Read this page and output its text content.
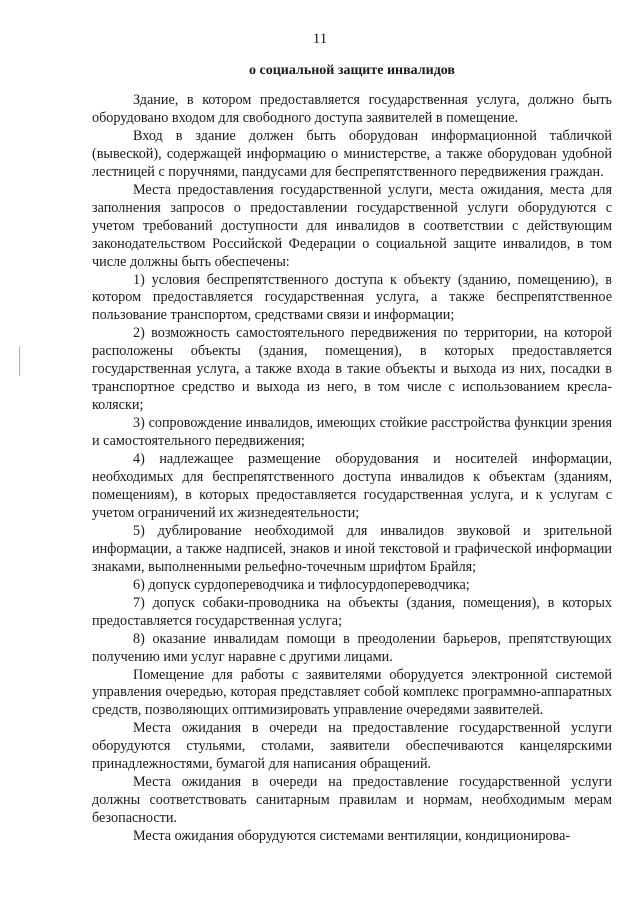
11
о социальной защите инвалидов

Здание, в котором предоставляется государственная услуга, должно быть оборудовано входом для свободного доступа заявителей в помещение.

Вход в здание должен быть оборудован информационной табличкой (вывеской), содержащей информацию о министерстве, а также оборудован удобной лестницей с поручнями, пандусами для беспрепятственного передвижения граждан.

Места предоставления государственной услуги, места ожидания, места для заполнения запросов о предоставлении государственной услуги оборудуются с учетом требований доступности для инвалидов в соответствии с действующим законодательством Российской Федерации о социальной защите инвалидов, в том числе должны быть обеспечены:

1) условия беспрепятственного доступа к объекту (зданию, помещению), в котором предоставляется государственная услуга, а также беспрепятственное пользование транспортом, средствами связи и информации;

2) возможность самостоятельного передвижения по территории, на которой расположены объекты (здания, помещения), в которых предоставляется государственная услуга, а также входа в такие объекты и выхода из них, посадки в транспортное средство и выхода из него, в том числе с использованием кресла-коляски;

3) сопровождение инвалидов, имеющих стойкие расстройства функции зрения и самостоятельного передвижения;

4) надлежащее размещение оборудования и носителей информации, необходимых для беспрепятственного доступа инвалидов к объектам (зданиям, помещениям), в которых предоставляется государственная услуга, и к услугам с учетом ограничений их жизнедеятельности;

5) дублирование необходимой для инвалидов звуковой и зрительной информации, а также надписей, знаков и иной текстовой и графической информации знаками, выполненными рельефно-точечным шрифтом Брайля;

6) допуск сурдопереводчика и тифлосурдопереводчика;

7) допуск собаки-проводника на объекты (здания, помещения), в которых предоставляется государственная услуга;

8) оказание инвалидам помощи в преодолении барьеров, препятствующих получению ими услуг наравне с другими лицами.

Помещение для работы с заявителями оборудуется электронной системой управления очередью, которая представляет собой комплекс программно-аппаратных средств, позволяющих оптимизировать управление очередями заявителей.

Места ожидания в очереди на предоставление государственной услуги оборудуются стульями, столами, заявители обеспечиваются канцелярскими принадлежностями, бумагой для написания обращений.

Места ожидания в очереди на предоставление государственной услуги должны соответствовать санитарным правилам и нормам, необходимым мерам безопасности.

Места ожидания оборудуются системами вентиляции, кондиционирова-
